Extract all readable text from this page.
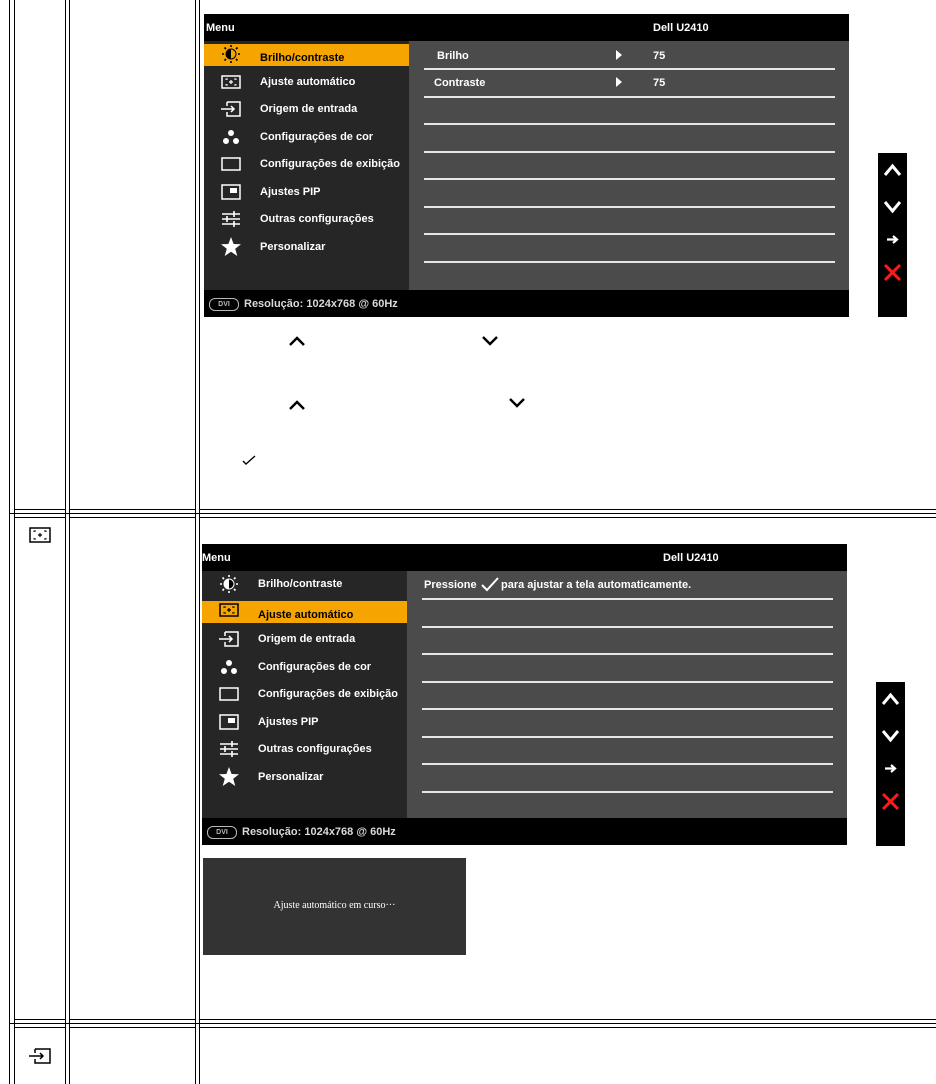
Menu	Dell U2410
Brilho/contraste
Ajuste automático
Origem de entrada
Configurações de cor
Configurações de exibição
Ajustes PIP
Outras configurações
Personalizar
Brilho	75
Contraste	75
DVI	Resolução: 1024x768 @ 60Hz
Menu	Dell U2410
Brilho/contraste
Ajuste automático
Origem de entrada
Configurações de cor
Configurações de exibição
Ajustes PIP
Outras configurações
Personalizar
Pressione para ajustar a tela automaticamente.
DVI	Resolução: 1024x768 @ 60Hz
Ajuste automático em curso···
